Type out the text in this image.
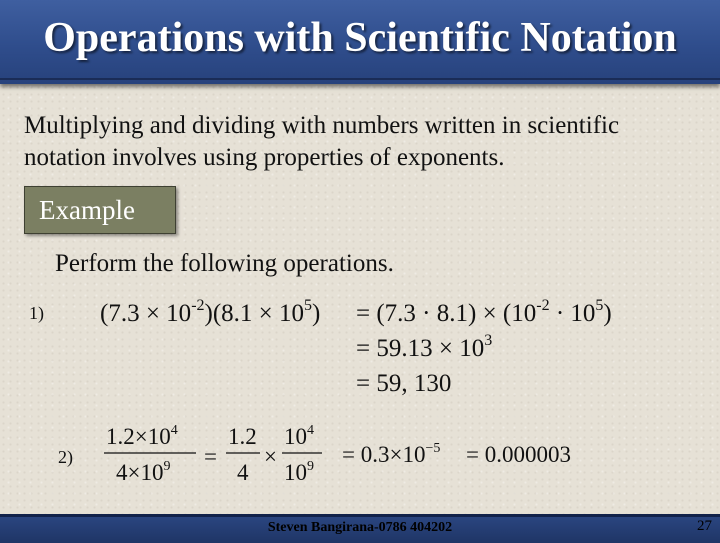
Operations with Scientific Notation
Multiplying and dividing with numbers written in scientific notation involves using properties of exponents.
Example
Perform the following operations.
1) $(7.3 \times 10^{-2})(8.1 \times 10^5) = (7.3 \cdot 8.1) \times (10^{-2} \cdot 10^5)$
= $59.13 \times 10^3$
= 59, 130
2)
$1.2\times 10^4$
$4\times 10^9$ =
1.2
4
×
$10^4$
$10^9 = 0.3\times 10^{-5} = 0.000003$
Steven Bangirana-0786 404202	27
